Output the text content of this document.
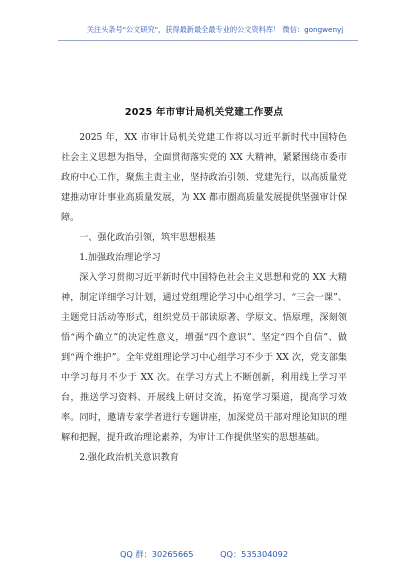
关注头条号"公文研究"，获得最新最全最专业的公文资料库！ 微信：gongwenyj
2025 年市审计局机关党建工作要点

2025 年，XX 市审计局机关党建工作将以习近平新时代中国特色社会主义思想为指导，全面贯彻落实党的 XX 大精神，紧紧围绕市委市政府中心工作，聚焦主责主业，坚持政治引领、党建先行，以高质量党建推动审计事业高质量发展，为 XX 都市圈高质量发展提供坚强审计保障。

一、强化政治引领，筑牢思想根基

1.加强政治理论学习

深入学习贯彻习近平新时代中国特色社会主义思想和党的 XX 大精神，制定详细学习计划，通过党组理论学习中心组学习、“三会一课”、主题党日活动等形式，组织党员干部读原著、学原文、悟原理，深刻领悟“两个确立”的决定性意义，增强“四个意识”、坚定“四个自信”、做到“两个维护”。全年党组理论学习中心组学习不少于 XX 次，党支部集中学习每月不少于 XX 次。在学习方式上不断创新，利用线上学习平台，推送学习资料、开展线上研讨交流，拓宽学习渠道，提高学习效率。同时，邀请专家学者进行专题讲座，加深党员干部对理论知识的理解和把握，提升政治理论素养，为审计工作提供坚实的思想基础。

2.强化政治机关意识教育

QQ 群：30265665	QQ：535304092
